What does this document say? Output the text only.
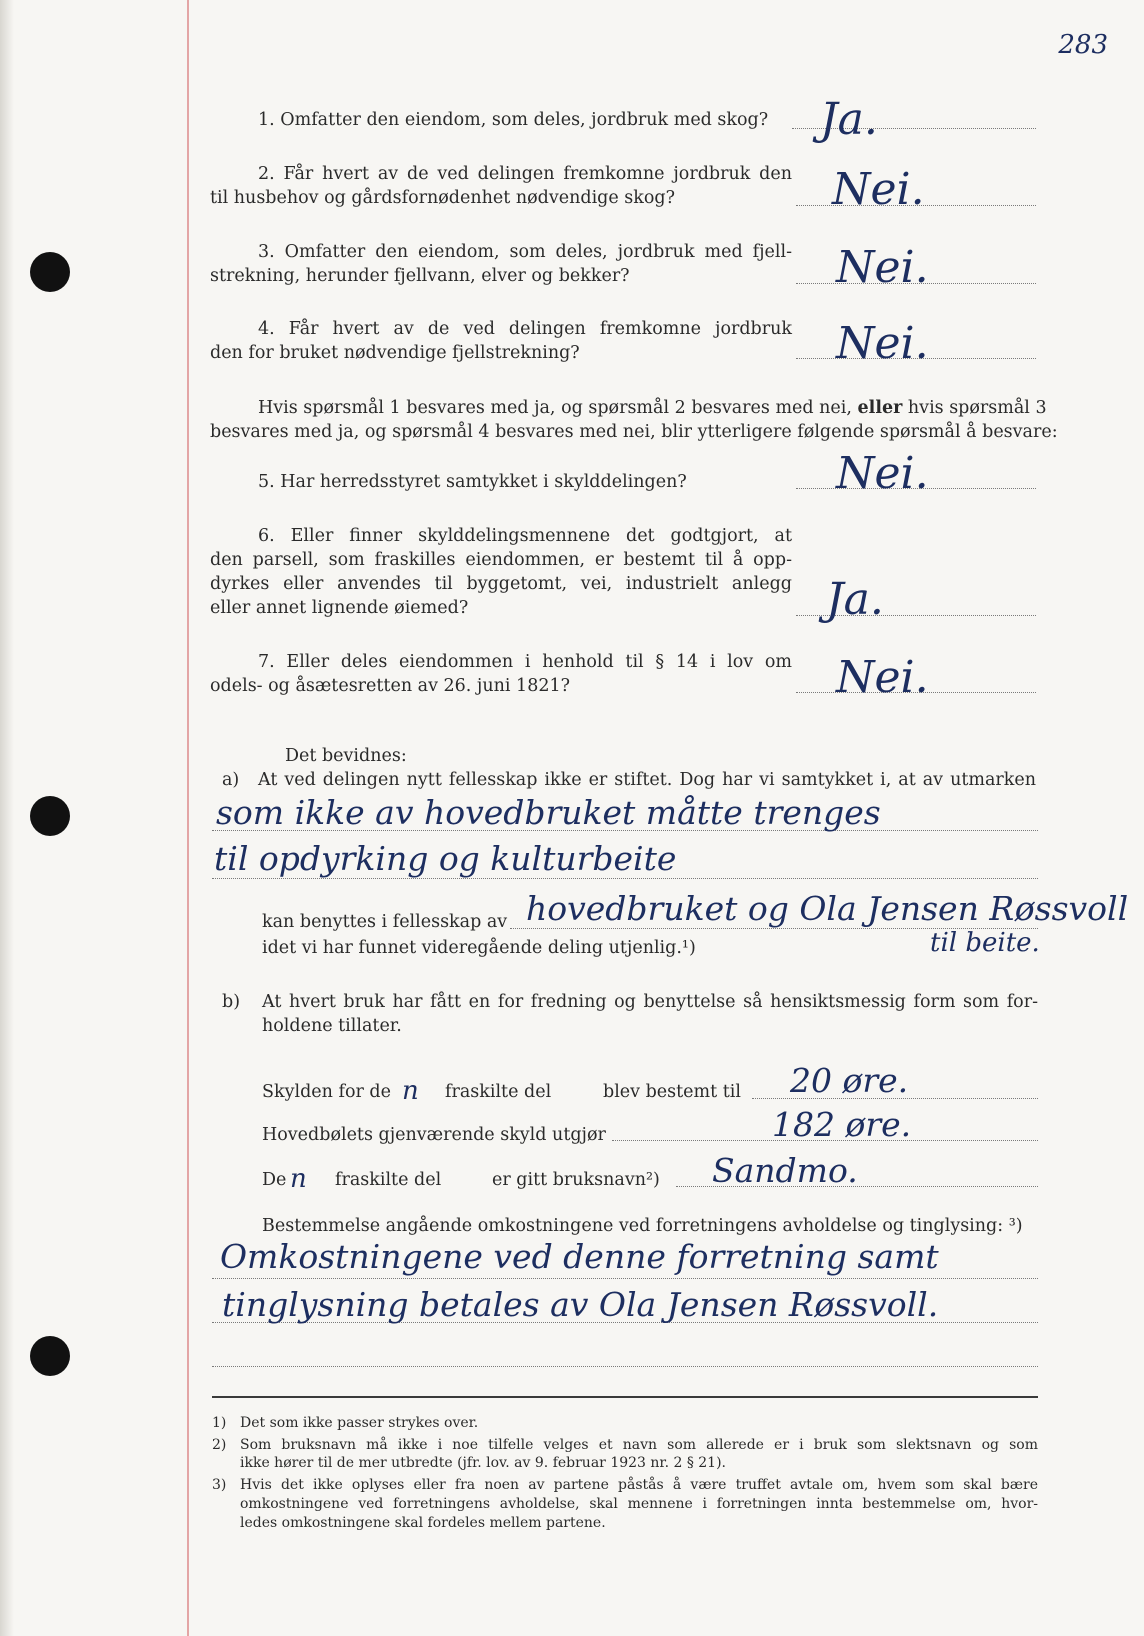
283
1. Omfatter den eiendom, som deles, jordbruk med skog? Ja.
2. Får hvert av de ved delingen fremkomne jordbruk den
til husbehov og gårdsfornødenhet nødvendige skog?	Nei.
3. Omfatter den eiendom, som deles, jordbruk med fjell-
strekning, herunder fjellvann, elver og bekker?	Nei.
4. Får hvert av de ved delingen fremkomne jordbruk
den for bruket nødvendige fjellstrekning?	Nei.
Hvis spørsmål 1 besvares med ja, og spørsmål 2 besvares med nei, eller hvis spørsmål 3
besvares med ja, og spørsmål 4 besvares med nei, blir ytterligere følgende spørsmål å besvare:
5. Har herredsstyret samtykket i skylddelingen?	Nei.
6. Eller finner skylddelingsmennene det godtgjort, at
den parsell, som fraskilles eiendommen, er bestemt til å opp-
dyrkes eller anvendes til byggetomt, vei, industrielt anlegg
eller annet lignende øiemed?	Ja.
7. Eller deles eiendommen i henhold til § 14 i lov om
odels- og åsætesretten av 26. juni 1821?	Nei.
Det bevidnes:
a) At ved delingen nytt fellesskap ikke er stiftet. Dog har vi samtykket i, at av utmarken
som ikke av hovedbruket måtte trenges
til opdyrking og kulturbeite
kan benyttes i fellesskap av hovedbruket og Ola Jensen Røssvoll
idet vi har funnet videregående deling utjenlig.¹)	til beite.
b) At hvert bruk har fått en for fredning og benyttelse så hensiktsmessig form som for-
holdene tillater.
Skylden for de n fraskilte del	blev bestemt til 20 øre.
Hovedbølets gjenværende skyld utgjør	182 øre.
De n fraskilte del	er gitt bruksnavn²) Sandmo.
Bestemmelse angående omkostningene ved forretningens avholdelse og tinglysing: ³)
Omkostningene ved denne forretning samt
tinglysning betales av Ola Jensen Røssvoll.
1) Det som ikke passer strykes over.
2) Som bruksnavn må ikke i noe tilfelle velges et navn som allerede er i bruk som slektsnavn og som
ikke hører til de mer utbredte (jfr. lov. av 9. februar 1923 nr. 2 § 21).
3) Hvis det ikke oplyses eller fra noen av partene påstås å være truffet avtale om, hvem som skal bære
omkostningene ved forretningens avholdelse, skal mennene i forretningen innta bestemmelse om, hvor-
ledes omkostningene skal fordeles mellem partene.
